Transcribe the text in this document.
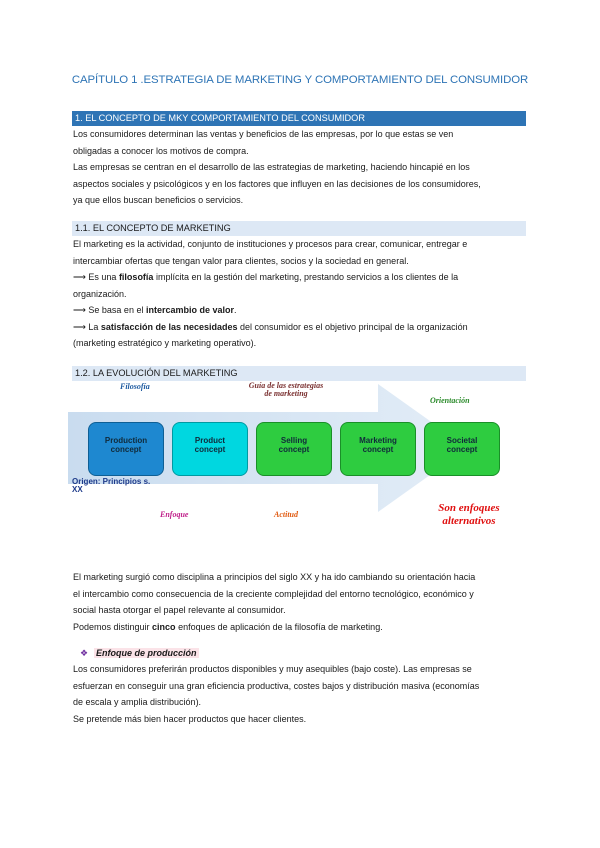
CAPÍTULO 1 .ESTRATEGIA DE MARKETING Y COMPORTAMIENTO DEL CONSUMIDOR
1. EL CONCEPTO DE MKY COMPORTAMIENTO DEL CONSUMIDOR
Los consumidores determinan las ventas y beneficios de las empresas, por lo que estas se ven
obligadas a conocer los motivos de compra.
Las empresas se centran en el desarrollo de las estrategias de marketing, haciendo hincapié en los
aspectos sociales y psicológicos y en los factores que influyen en las decisiones de los consumidores,
ya que ellos buscan beneficios o servicios.
1.1. EL CONCEPTO DE MARKETING
El marketing es la actividad, conjunto de instituciones y procesos para crear, comunicar, entregar e
intercambiar ofertas que tengan valor para clientes, socios y la sociedad en general.
⟶ Es una filosofía implícita en la gestión del marketing, prestando servicios a los clientes de la
organización.
⟶ Se basa en el intercambio de valor.
⟶ La satisfacción de las necesidades del consumidor es el objetivo principal de la organización
(marketing estratégico y marketing operativo).
1.2. LA EVOLUCIÓN DEL MARKETING
Production
concept
Product
concept
Selling
concept
Marketing
concept
Societal
concept
Filosofía	Guía de las estrategias de marketing
Orientación
Origen: Principios s. XX
Enfoque	Actitud
Son enfoques alternativos
El marketing surgió como disciplina a principios del siglo XX y ha ido cambiando su orientación hacia
el intercambio como consecuencia de la creciente complejidad del entorno tecnológico, económico y
social hasta otorgar el papel relevante al consumidor.
Podemos distinguir cinco enfoques de aplicación de la filosofía de marketing.
❖ Enfoque de producción
Los consumidores preferirán productos disponibles y muy asequibles (bajo coste). Las empresas se
esfuerzan en conseguir una gran eficiencia productiva, costes bajos y distribución masiva (economías
de escala y amplia distribución).
Se pretende más bien hacer productos que hacer clientes.
